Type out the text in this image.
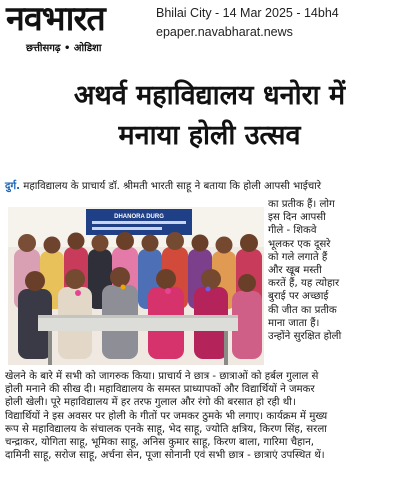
नवभारत
छत्तीसगढ़ • ओडिशा
Bhilai City - 14 Mar 2025 - 14bh4
epaper.navabharat.news
अथर्व महाविद्यालय धनोरा में
मनाया होली उत्सव
दुर्ग. महाविद्यालय के प्राचार्य डॉ. श्रीमती भारती साहू ने बताया कि होली आपसी भाईचारे
DHANORA DURG

का प्रतीक हैं। लोग

इस दिन आपसी

गीले - शिकवे

भूलकर एक दूसरे

को गले लगाते हैं

और खूब मस्ती

करतें हैं, यह त्योहार

बुराई पर अच्छाई

की जीत का प्रतीक

माना जाता हैं।

उन्होंने सुरक्षित होली

खेलने के बारे में सभी को जागरुक किया। प्राचार्य ने छात्र - छात्राओं को हर्बल गुलाल से

होली मनाने की सीख दी। महाविद्यालय के समस्त प्राध्यापकों और विद्यार्थियों ने जमकर

होली खेली। पूरे महाविद्यालय में हर तरफ गुलाल और रंगो की बरसात हो रही थी।

विद्यार्थियों ने इस अवसर पर होली के गीतों पर जमकर ठुमके भी लगाए। कार्यक्रम में मुख्य

रूप से महाविद्यालय के संचालक एनके साहू, भेद साहू, ज्योति क्षत्रिय, किरण सिंह, सरला

चन्द्राकर, योगिता साहू, भूमिका साहू, अनिस कुमार साहू, किरण बाला, गारिमा चैहान,

दामिनी साहू, सरोज साहू, अर्चना सेन, पूजा सोनानी एवं सभी छात्र - छात्राएं उपस्थित थें।
